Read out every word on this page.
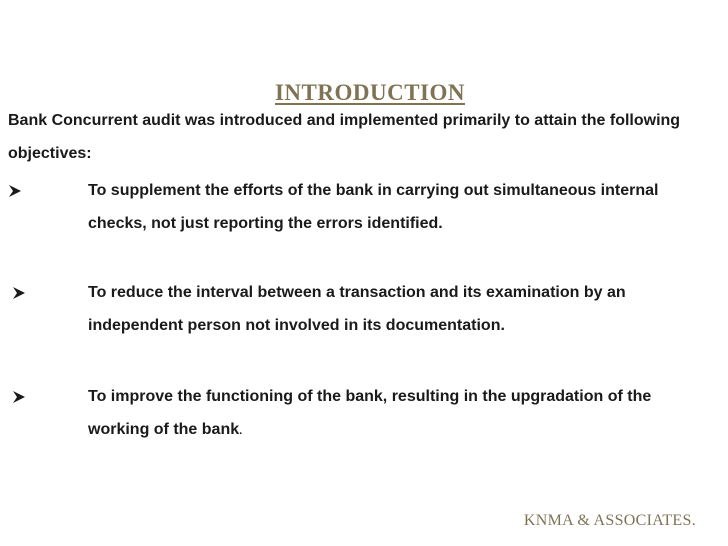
INTRODUCTION
Bank Concurrent audit was introduced and implemented primarily to attain the following objectives:
To supplement the efforts of the bank in carrying out simultaneous internal checks, not just reporting the errors identified.
To reduce the interval between a transaction and its examination by an independent person not involved in its documentation.
To improve the functioning of the bank, resulting in the upgradation of the working of the bank.
KNMA & ASSOCIATES.
